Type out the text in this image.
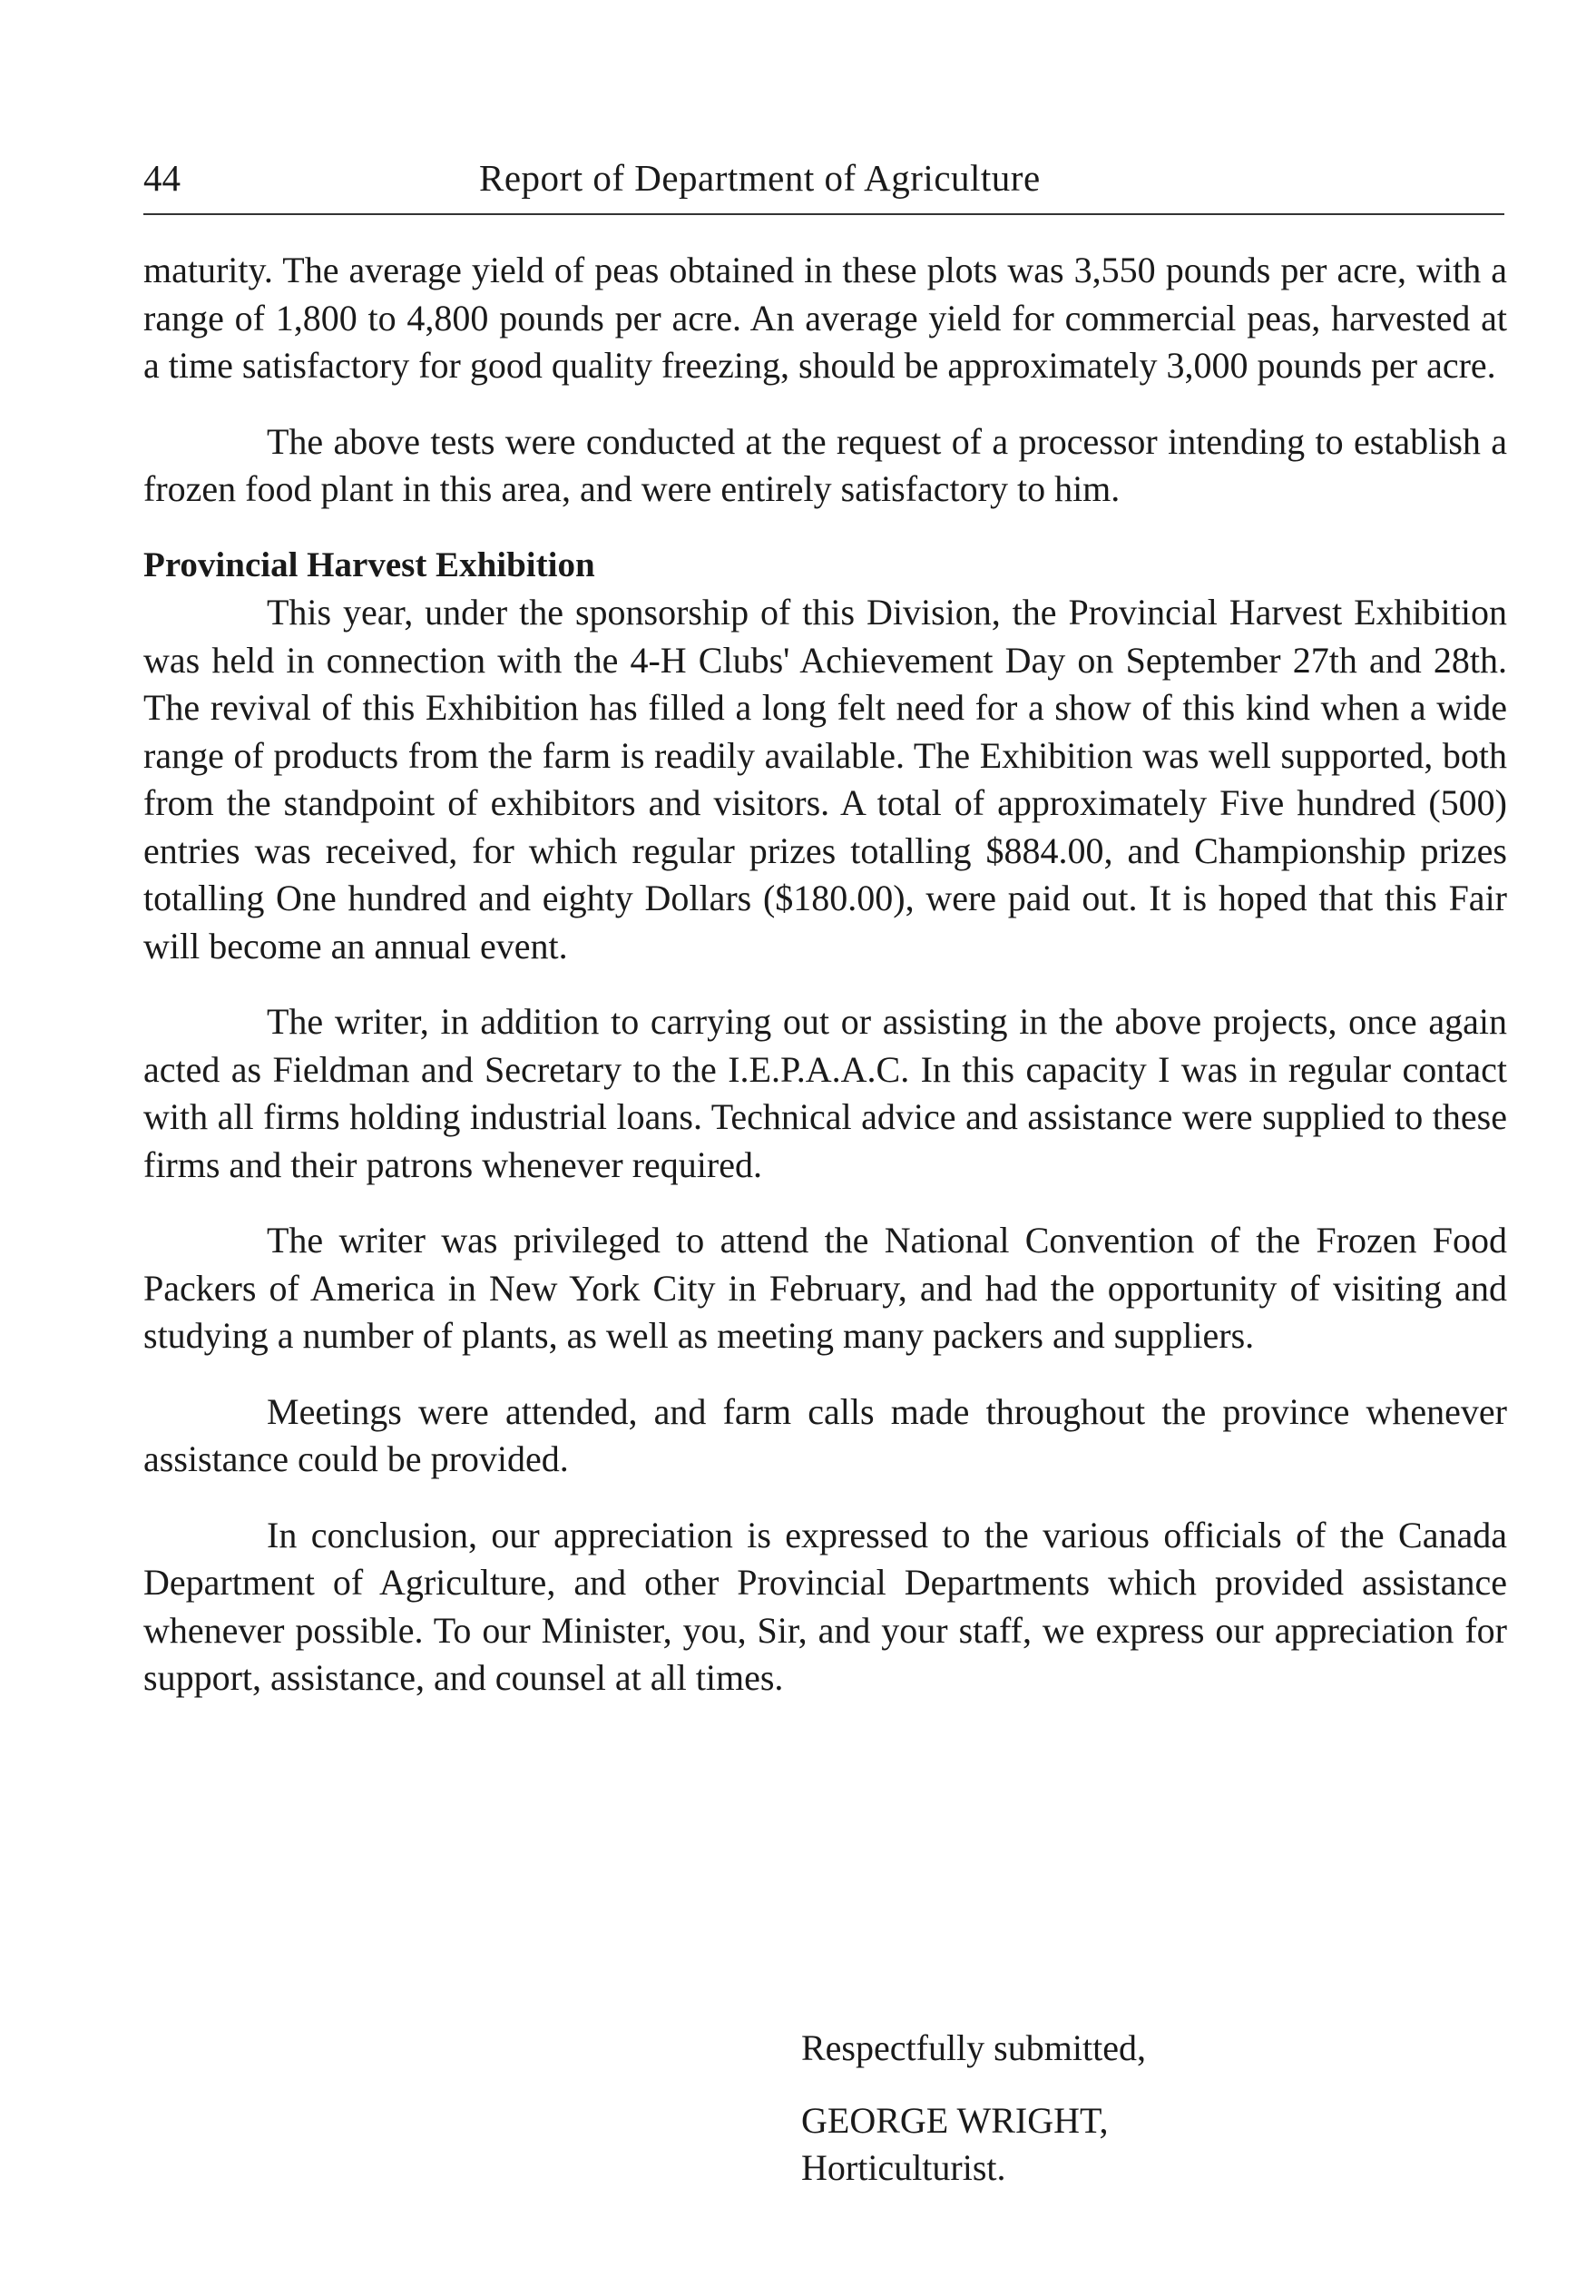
44	Report of Department of Agriculture

maturity. The average yield of peas obtained in these plots was 3,550 pounds per acre, with a range of 1,800 to 4,800 pounds per acre. An average yield for commercial peas, harvested at a time satisfactory for good quality freezing, should be approximately 3,000 pounds per acre.

The above tests were conducted at the request of a processor intending to establish a frozen food plant in this area, and were entirely satisfactory to him.

Provincial Harvest Exhibition

This year, under the sponsorship of this Division, the Provincial Harvest Exhibition was held in connection with the 4-H Clubs' Achievement Day on September 27th and 28th. The revival of this Exhibition has filled a long felt need for a show of this kind when a wide range of products from the farm is readily available. The Exhibition was well supported, both from the standpoint of exhibitors and visitors. A total of approximately Five hundred (500) entries was received, for which regular prizes totalling $884.00, and Championship prizes totalling One hundred and eighty Dollars ($180.00), were paid out. It is hoped that this Fair will become an annual event.

The writer, in addition to carrying out or assisting in the above projects, once again acted as Fieldman and Secretary to the I.E.P.A.A.C. In this capacity I was in regular contact with all firms holding industrial loans. Technical advice and assistance were supplied to these firms and their patrons whenever required.

The writer was privileged to attend the National Convention of the Frozen Food Packers of America in New York City in February, and had the opportunity of visiting and studying a number of plants, as well as meeting many packers and suppliers.

Meetings were attended, and farm calls made throughout the province whenever assistance could be provided.

In conclusion, our appreciation is expressed to the various officials of the Canada Department of Agriculture, and other Provincial Departments which provided assistance whenever possible. To our Minister, you, Sir, and your staff, we express our appreciation for support, assistance, and counsel at all times.

Respectfully submitted,
GEORGE WRIGHT,
Horticulturist.
